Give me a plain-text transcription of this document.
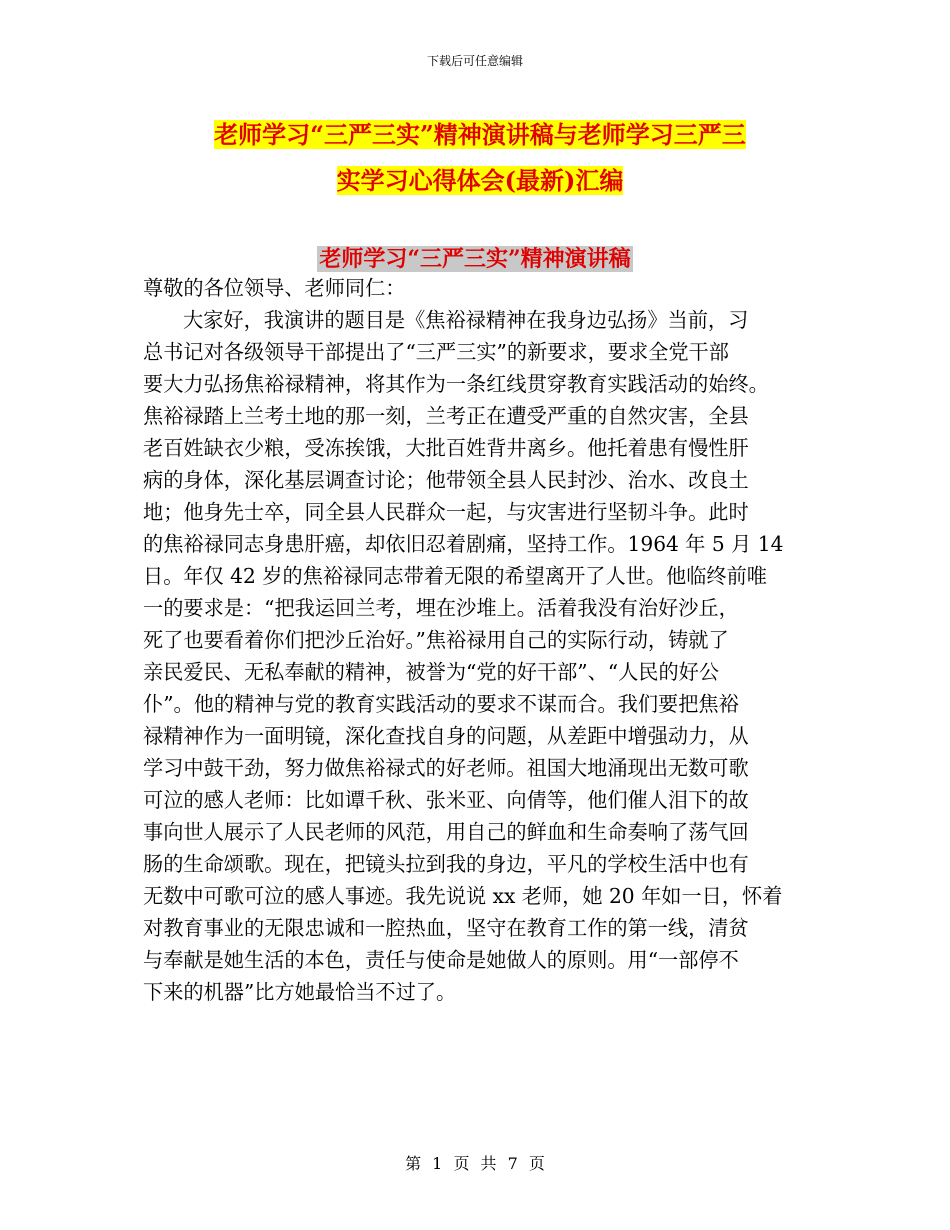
下载后可任意编辑
老师学习“三严三实”精神演讲稿与老师学习三严三
实学习心得体会(最新)汇编
老师学习“三严三实”精神演讲稿
尊敬的各位领导、老师同仁：
大家好，我演讲的题目是《焦裕禄精神在我身边弘扬》当前，习
总书记对各级领导干部提出了“三严三实”的新要求，要求全党干部
要大力弘扬焦裕禄精神，将其作为一条红线贯穿教育实践活动的始终。
焦裕禄踏上兰考土地的那一刻，兰考正在遭受严重的自然灾害，全县
老百姓缺衣少粮，受冻挨饿，大批百姓背井离乡。他托着患有慢性肝
病的身体，深化基层调查讨论；他带领全县人民封沙、治水、改良土
地；他身先士卒，同全县人民群众一起，与灾害进行坚韧斗争。此时
的焦裕禄同志身患肝癌，却依旧忍着剧痛，坚持工作。1964 年 5 月 14
日。年仅 42 岁的焦裕禄同志带着无限的希望离开了人世。他临终前唯
一的要求是：“把我运回兰考，埋在沙堆上。活着我没有治好沙丘，
死了也要看着你们把沙丘治好。”焦裕禄用自己的实际行动，铸就了
亲民爱民、无私奉献的精神，被誉为“党的好干部”、“人民的好公
仆”。他的精神与党的教育实践活动的要求不谋而合。我们要把焦裕
禄精神作为一面明镜，深化查找自身的问题，从差距中增强动力，从
学习中鼓干劲，努力做焦裕禄式的好老师。祖国大地涌现出无数可歌
可泣的感人老师：比如谭千秋、张米亚、向倩等，他们催人泪下的故
事向世人展示了人民老师的风范，用自己的鲜血和生命奏响了荡气回
肠的生命颂歌。现在，把镜头拉到我的身边，平凡的学校生活中也有
无数中可歌可泣的感人事迹。我先说说 xx 老师，她 20 年如一日，怀着
对教育事业的无限忠诚和一腔热血，坚守在教育工作的第一线，清贫
与奉献是她生活的本色，责任与使命是她做人的原则。用“一部停不
下来的机器”比方她最恰当不过了。
第 1 页 共 7 页
